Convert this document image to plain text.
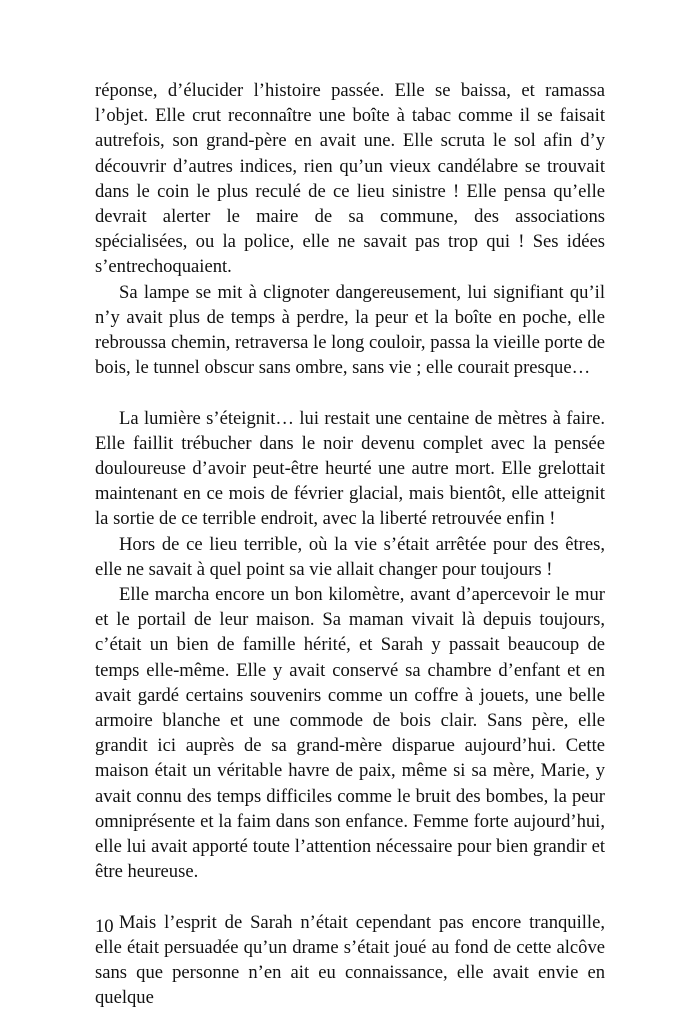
réponse, d’élucider l’histoire passée. Elle se baissa, et ramassa l’objet. Elle crut reconnaître une boîte à tabac comme il se faisait autrefois, son grand-père en avait une. Elle scruta le sol afin d’y découvrir d’autres indices, rien qu’un vieux candélabre se trouvait dans le coin le plus reculé de ce lieu sinistre ! Elle pensa qu’elle devrait alerter le maire de sa commune, des associations spécialisées, ou la police, elle ne savait pas trop qui ! Ses idées s’entrechoquaient.

Sa lampe se mit à clignoter dangereusement, lui signifiant qu’il n’y avait plus de temps à perdre, la peur et la boîte en poche, elle rebroussa chemin, retraversa le long couloir, passa la vieille porte de bois, le tunnel obscur sans ombre, sans vie ; elle courait presque…

La lumière s’éteignit… lui restait une centaine de mètres à faire. Elle faillit trébucher dans le noir devenu complet avec la pensée douloureuse d’avoir peut-être heurté une autre mort. Elle grelottait maintenant en ce mois de février glacial, mais bientôt, elle atteignit la sortie de ce terrible endroit, avec la liberté retrouvée enfin !

Hors de ce lieu terrible, où la vie s’était arrêtée pour des êtres, elle ne savait à quel point sa vie allait changer pour toujours !

Elle marcha encore un bon kilomètre, avant d’apercevoir le mur et le portail de leur maison. Sa maman vivait là depuis toujours, c’était un bien de famille hérité, et Sarah y passait beaucoup de temps elle-même. Elle y avait conservé sa chambre d’enfant et en avait gardé certains souvenirs comme un coffre à jouets, une belle armoire blanche et une commode de bois clair. Sans père, elle grandit ici auprès de sa grand-mère disparue aujourd’hui. Cette maison était un véritable havre de paix, même si sa mère, Marie, y avait connu des temps difficiles comme le bruit des bombes, la peur omniprésente et la faim dans son enfance. Femme forte aujourd’hui, elle lui avait apporté toute l’attention nécessaire pour bien grandir et être heureuse.

Mais l’esprit de Sarah n’était cependant pas encore tranquille, elle était persuadée qu’un drame s’était joué au fond de cette alcôve sans que personne n’en ait eu connaissance, elle avait envie en quelque

10
